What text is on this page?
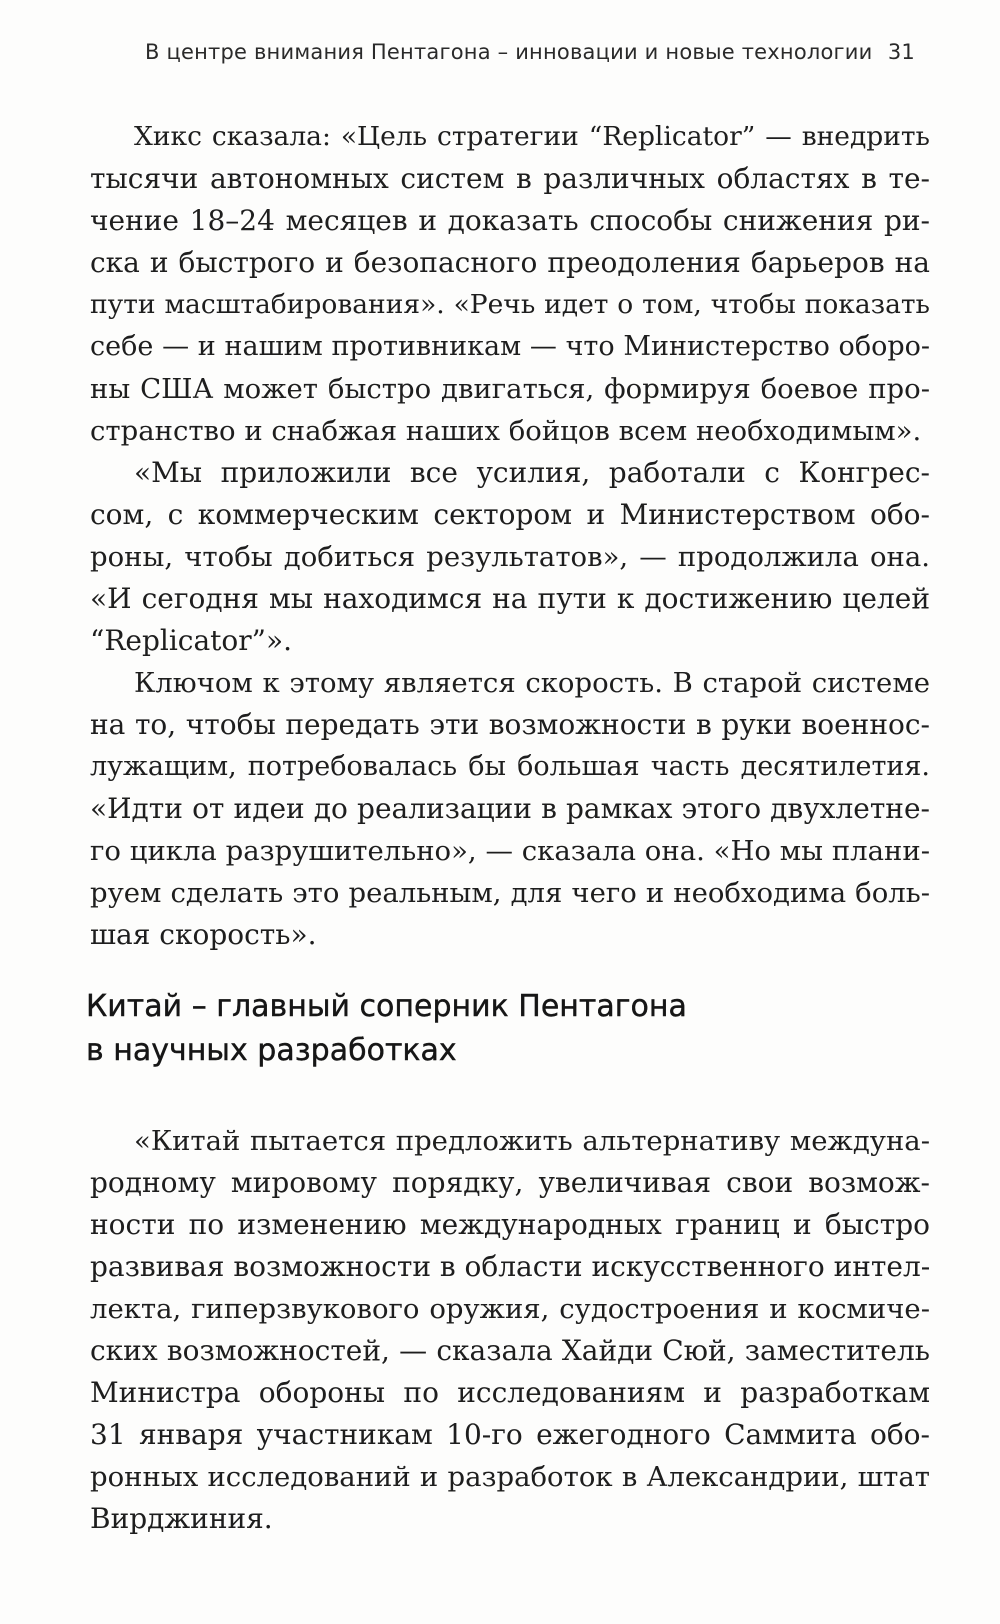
В центре внимания Пентагона – инновации и новые технологии 31
Хикс сказала: «Цель стратегии “Replicator” — внедрить
тысячи автономных систем в различных областях в те-
чение 18–24 месяцев и доказать способы снижения ри-
ска и быстрого и безопасного преодоления барьеров на
пути масштабирования». «Речь идет о том, чтобы показать
себе — и нашим противникам — что Министерство оборо-
ны США может быстро двигаться, формируя боевое про-
странство и снабжая наших бойцов всем необходимым».
«Мы приложили все усилия, работали с Конгрес-
сом, с коммерческим сектором и Министерством обо-
роны, чтобы добиться результатов», — продолжила она.
«И сегодня мы находимся на пути к достижению целей
“Replicator”».
Ключом к этому является скорость. В старой системе
на то, чтобы передать эти возможности в руки военнос-
лужащим, потребовалась бы большая часть десятилетия.
«Идти от идеи до реализации в рамках этого двухлетне-
го цикла разрушительно», — сказала она. «Но мы плани-
руем сделать это реальным, для чего и необходима боль-
шая скорость».
Китай – главный соперник Пентагона
в научных разработках
«Китай пытается предложить альтернативу междуна-
родному мировому порядку, увеличивая свои возмож-
ности по изменению международных границ и быстро
развивая возможности в области искусственного интел-
лекта, гиперзвукового оружия, судостроения и космиче-
ских возможностей, — сказала Хайди Сюй, заместитель
Министра обороны по исследованиям и разработкам
31 января участникам 10-го ежегодного Саммита обо-
ронных исследований и разработок в Александрии, штат
Вирджиния.
